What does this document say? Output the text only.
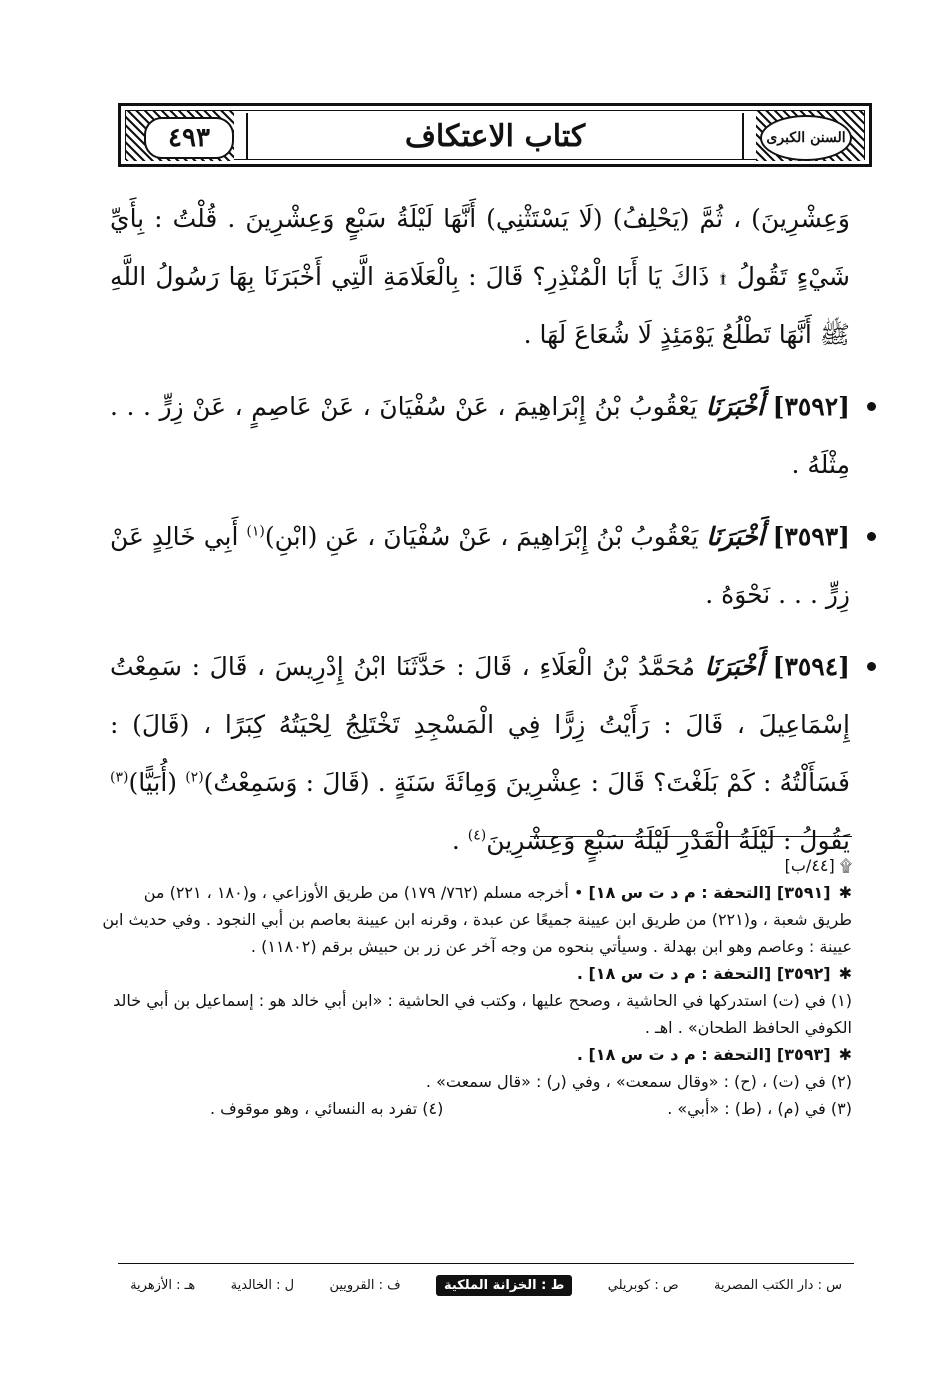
٤٩٣	السنن الكبرى
كتاب الاعتكاف

وَعِشْرِينَ) ، ثُمَّ (يَحْلِفُ) (لَا يَسْتَثْنِي) أَنَّهَا لَيْلَةُ سَبْعٍ وَعِشْرِينَ . قُلْتُ : بِأَيِّ شَيْءٍ تَقُولُ ۩ ذَاكَ يَا أَبَا الْمُنْذِرِ؟ قَالَ : بِالْعَلَامَةِ الَّتِي أَخْبَرَنَا بِهَا رَسُولُ اللَّهِ ﷺ أَنَّهَا تَطْلُعُ يَوْمَئِذٍ لَا شُعَاعَ لَهَا .

[٣٥٩٢] أَخْبَرَنَا يَعْقُوبُ بْنُ إِبْرَاهِيمَ ، عَنْ سُفْيَانَ ، عَنْ عَاصِمٍ ، عَنْ زِرٍّ . . . مِثْلَهُ .

[٣٥٩٣] أَخْبَرَنَا يَعْقُوبُ بْنُ إِبْرَاهِيمَ ، عَنْ سُفْيَانَ ، عَنِ (ابْنِ)$^{(١)}$ أَبِي خَالِدٍ عَنْ زِرٍّ . . . نَحْوَهُ .

[٣٥٩٤] أَخْبَرَنَا مُحَمَّدُ بْنُ الْعَلَاءِ ، قَالَ : حَدَّثَنَا ابْنُ إِدْرِيسَ ، قَالَ : سَمِعْتُ إِسْمَاعِيلَ ، قَالَ : رَأَيْتُ زِرًّا فِي الْمَسْجِدِ تَخْتَلِجُ لِحْيَتُهُ كِبَرًا ، (قَالَ) : فَسَأَلْتُهُ : كَمْ بَلَغْتَ؟ قَالَ : عِشْرِينَ وَمِائَةَ سَنَةٍ . (قَالَ : وَسَمِعْتُ)$^{(٢)}$ (أُبَيًّا)$^{(٣)}$ يَقُولُ : لَيْلَةُ الْقَدْرِ لَيْلَةُ سَبْعٍ وَعِشْرِينَ$^{(٤)}$ .

۩ [٤٤/ب]
✱[٣٥٩١] [التحفة : م د ت س ١٨] • أخرجه مسلم (٧٦٢/ ١٧٩) من طريق الأوزاعي ، و(١٨٠ ، ٢٢١) من طريق شعبة ، و(٢٢١) من طريق ابن عيينة جميعًا عن عبدة ، وقرنه ابن عيينة بعاصم بن أبي النجود . وفي حديث ابن عيينة : وعاصم وهو ابن بهدلة . وسيأتي بنحوه من وجه آخر عن زر بن حبيش برقم (١١٨٠٢) .
✱[٣٥٩٢] [التحفة : م د ت س ١٨] .
(١) في (ت) استدركها في الحاشية ، وصحح عليها ، وكتب في الحاشية : «ابن أبي خالد هو : إسماعيل بن أبي خالد الكوفي الحافظ الطحان» . اهـ .
✱[٣٥٩٣] [التحفة : م د ت س ١٨] .
(٢) في (ت) ، (ح) : «وقال سمعت» ، وفي (ر) : «قال سمعت» .
(٣) في (م) ، (ط) : «أبي» .
(٤) تفرد به النسائي ، وهو موقوف .
س : دار الكتب المصرية
ص : كوبريلي
ط : الخزانة الملكية
ف : القرويين
ل : الخالدية
هـ : الأزهرية
